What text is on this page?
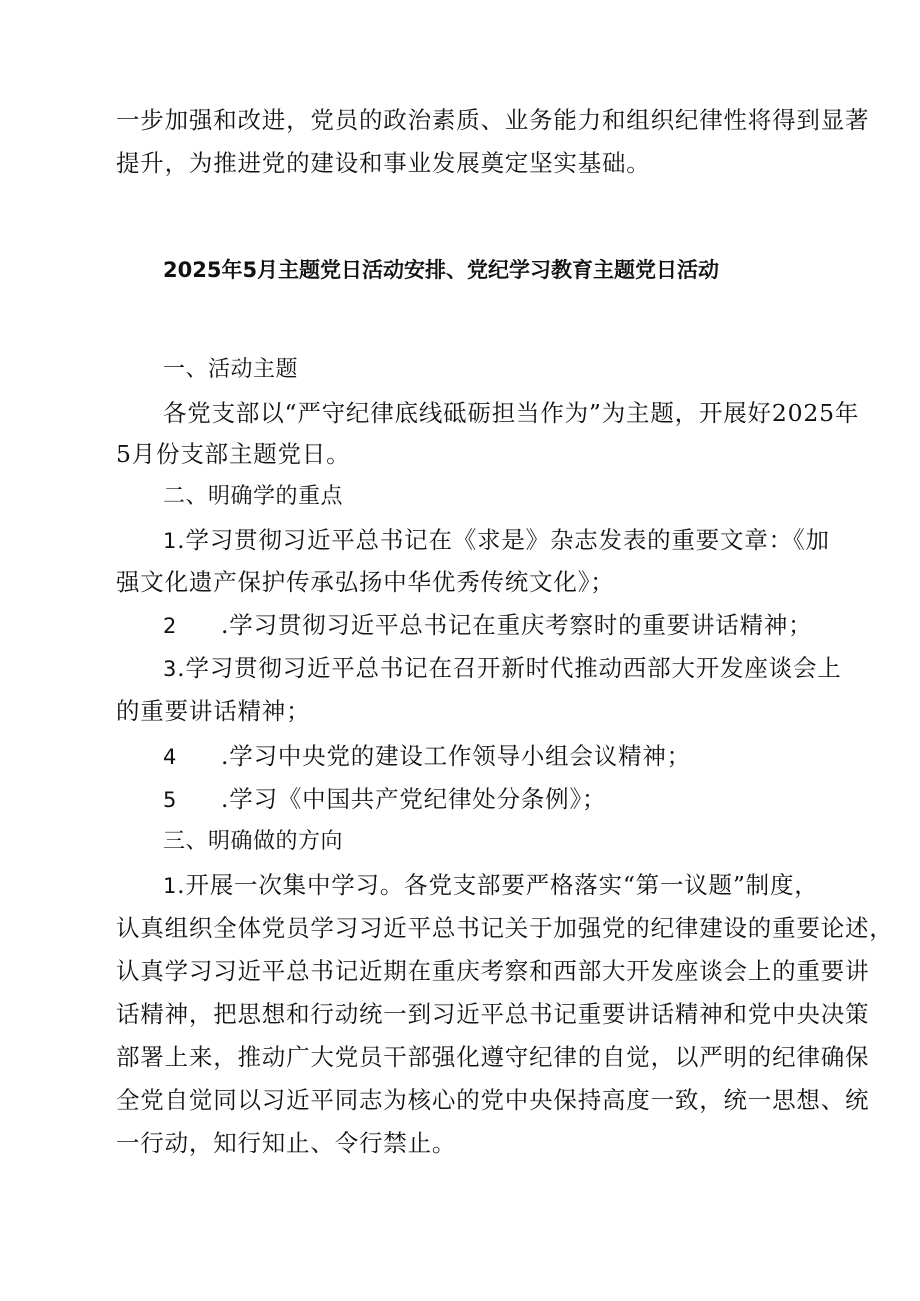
一步加强和改进，党员的政治素质、业务能力和组织纪律性将得到显著
提升，为推进党的建设和事业发展奠定坚实基础。
2025年5月主题党日活动安排、党纪学习教育主题党日活动
一、活动主题
各党支部以“严守纪律底线砥砺担当作为”为主题，开展好2025年
5月份支部主题党日。
二、明确学的重点
1.学习贯彻习近平总书记在《求是》杂志发表的重要文章：《加
强文化遗产保护传承弘扬中华优秀传统文化》；
2 .学习贯彻习近平总书记在重庆考察时的重要讲话精神；
3.学习贯彻习近平总书记在召开新时代推动西部大开发座谈会上
的重要讲话精神；
4 .学习中央党的建设工作领导小组会议精神；
5 .学习《中国共产党纪律处分条例》；
三、明确做的方向
1.开展一次集中学习。各党支部要严格落实“第一议题”制度，
认真组织全体党员学习习近平总书记关于加强党的纪律建设的重要论述，
认真学习习近平总书记近期在重庆考察和西部大开发座谈会上的重要讲
话精神，把思想和行动统一到习近平总书记重要讲话精神和党中央决策
部署上来，推动广大党员干部强化遵守纪律的自觉，以严明的纪律确保
全党自觉同以习近平同志为核心的党中央保持高度一致，统一思想、统
一行动，知行知止、令行禁止。
